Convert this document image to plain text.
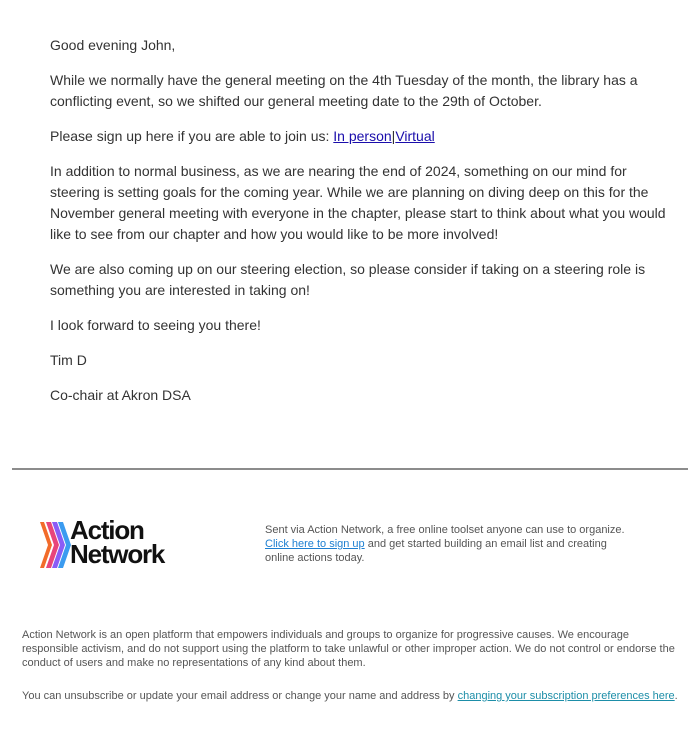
Good evening John,

While we normally have the general meeting on the 4th Tuesday of the month, the library has a conflicting event, so we shifted our general meeting date to the 29th of October.

Please sign up here if you are able to join us: In person|Virtual

In addition to normal business, as we are nearing the end of 2024, something on our mind for steering is setting goals for the coming year. While we are planning on diving deep on this for the November general meeting with everyone in the chapter, please start to think about what you would like to see from our chapter and how you would like to be more involved!

We are also coming up on our steering election, so please consider if taking on a steering role is something you are interested in taking on!

I look forward to seeing you there!

Tim D

Co-chair at Akron DSA

Action
Network
Sent via Action Network, a free online toolset anyone can use to organize.
Click here to sign up and get started building an email list and creating online actions today.
Action Network is an open platform that empowers individuals and groups to organize for progressive causes. We encourage responsible activism, and do not support using the platform to take unlawful or other improper action. We do not control or endorse the conduct of users and make no representations of any kind about them.
You can unsubscribe or update your email address or change your name and address by changing your subscription preferences here.
